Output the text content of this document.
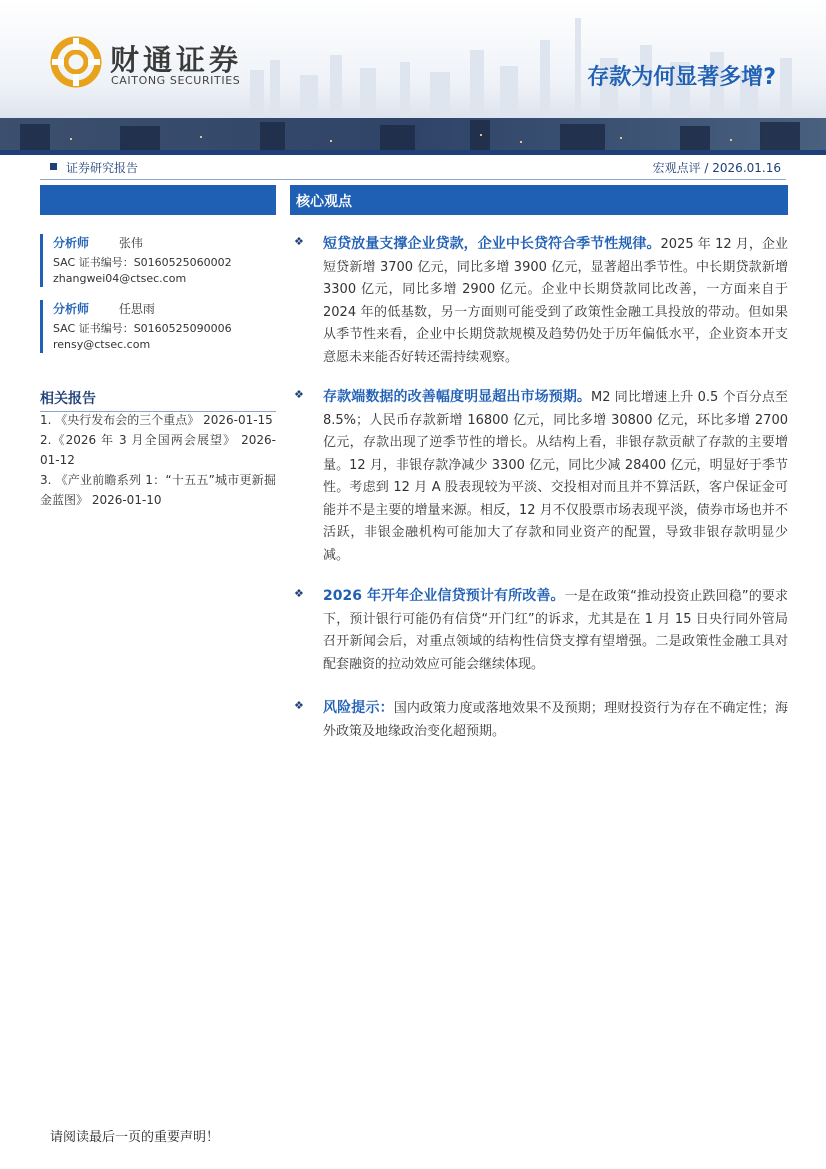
财通证券
CAITONG SECURITIES	存款为何显著多增?
证券研究报告	宏观点评 / 2026.01.16
核心观点
分析师 张伟
SAC 证书编号：S0160525060002
zhangwei04@ctsec.com
分析师 任思雨
SAC 证书编号：S0160525090006
rensy@ctsec.com
相关报告
1. 《央行发布会的三个重点》 2026-01-15
2.《2026 年 3 月全国两会展望》 2026-01-12
3. 《产业前瞻系列 1：“十五五”城市更新掘金蓝图》 2026-01-10
❖ 短贷放量支撑企业贷款，企业中长贷符合季节性规律。2025 年 12 月，企业短贷新增 3700 亿元，同比多增 3900 亿元，显著超出季节性。中长期贷款新增 3300 亿元，同比多增 2900 亿元。企业中长期贷款同比改善，一方面来自于 2024 年的低基数，另一方面则可能受到了政策性金融工具投放的带动。但如果从季节性来看，企业中长期贷款规模及趋势仍处于历年偏低水平，企业资本开支意愿未来能否好转还需持续观察。
❖ 存款端数据的改善幅度明显超出市场预期。M2 同比增速上升 0.5 个百分点至 8.5%；人民币存款新增 16800 亿元，同比多增 30800 亿元，环比多增 2700 亿元，存款出现了逆季节性的增长。从结构上看，非银存款贡献了存款的主要增量。12 月，非银存款净减少 3300 亿元，同比少减 28400 亿元，明显好于季节性。考虑到 12 月 A 股表现较为平淡、交投相对而且并不算活跃，客户保证金可能并不是主要的增量来源。相反，12 月不仅股票市场表现平淡，债券市场也并不活跃，非银金融机构可能加大了存款和同业资产的配置，导致非银存款明显少减。
❖ 2026 年开年企业信贷预计有所改善。一是在政策“推动投资止跌回稳”的要求下，预计银行可能仍有信贷“开门红”的诉求，尤其是在 1 月 15 日央行同外管局召开新闻会后，对重点领域的结构性信贷支撑有望增强。二是政策性金融工具对配套融资的拉动效应可能会继续体现。
❖ 风险提示：国内政策力度或落地效果不及预期；理财投资行为存在不确定性；海外政策及地缘政治变化超预期。
请阅读最后一页的重要声明！
